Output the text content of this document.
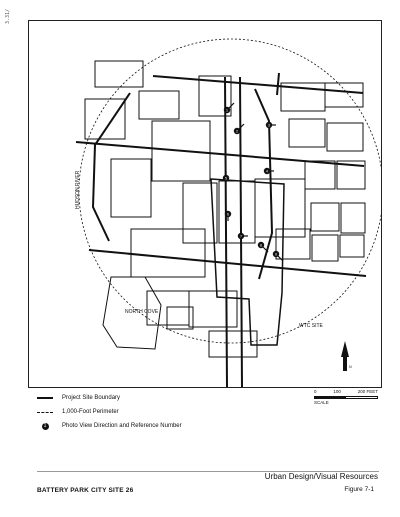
3.31/
1
2
3
4
5
6
7
8
9
HUDSON RIVER
NORTH COVE
WTC SITE
N
Project Site Boundary
1,000-Foot Perimeter
1	Photo View Direction and Reference Number
0	100	200 FEET
SCALE
BATTERY PARK CITY SITE 26
Urban Design/Visual Resources
Figure 7-1
